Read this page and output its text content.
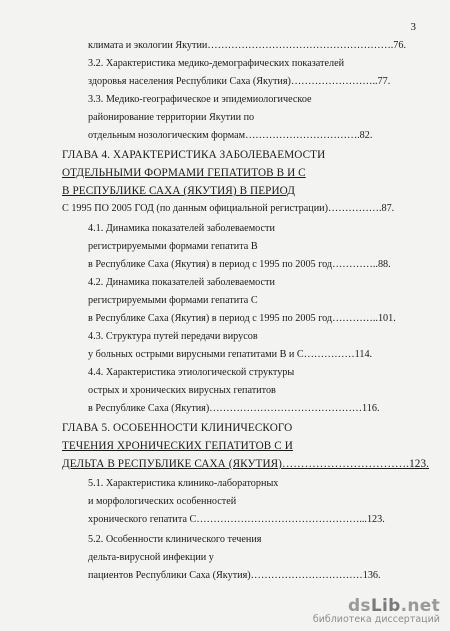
3
климата и экологии Якутии……………………………………………….76.
3.2. Характеристика медико-демографических показателей
здоровья населения Республики Саха (Якутия)……………………..77.
3.3. Медико-географическое и эпидемиологическое
районирование территории Якутии по
отдельным нозологическим формам…………………………….82.
ГЛАВА 4. ХАРАКТЕРИСТИКА ЗАБОЛЕВАЕМОСТИ
ОТДЕЛЬНЫМИ ФОРМАМИ ГЕПАТИТОВ В И С
В РЕСПУБЛИКЕ САХА (ЯКУТИЯ) В ПЕРИОД
С 1995 ПО 2005 ГОД (по данным официальной регистрации)…………….87.
4.1. Динамика показателей заболеваемости
регистрируемыми формами гепатита В
в Республике Саха (Якутия) в период с 1995 по 2005 год…………..88.
4.2. Динамика показателей заболеваемости
регистрируемыми формами гепатита С
в Республике Саха (Якутия) в период с 1995 по 2005 год…………..101.
4.3. Структура путей передачи вирусов
у больных острыми вирусными гепатитами В и С……………114.
4.4. Характеристика этиологической структуры
острых и хронических вирусных гепатитов
в Республике Саха (Якутия)………………………………………116.
ГЛАВА 5. ОСОБЕННОСТИ КЛИНИЧЕСКОГО
ТЕЧЕНИЯ ХРОНИЧЕСКИХ ГЕПАТИТОВ С И
ДЕЛЬТА В РЕСПУБЛИКЕ САХА (ЯКУТИЯ)…………………………….123.
5.1. Характеристика клинико-лабораторных
и морфологических особенностей
хронического гепатита С…………………………………………...123.
5.2. Особенности клинического течения
дельта-вирусной инфекции у
пациентов Республики Саха (Якутия)……………………………136.
dsLib.net
библиотека диссертаций
